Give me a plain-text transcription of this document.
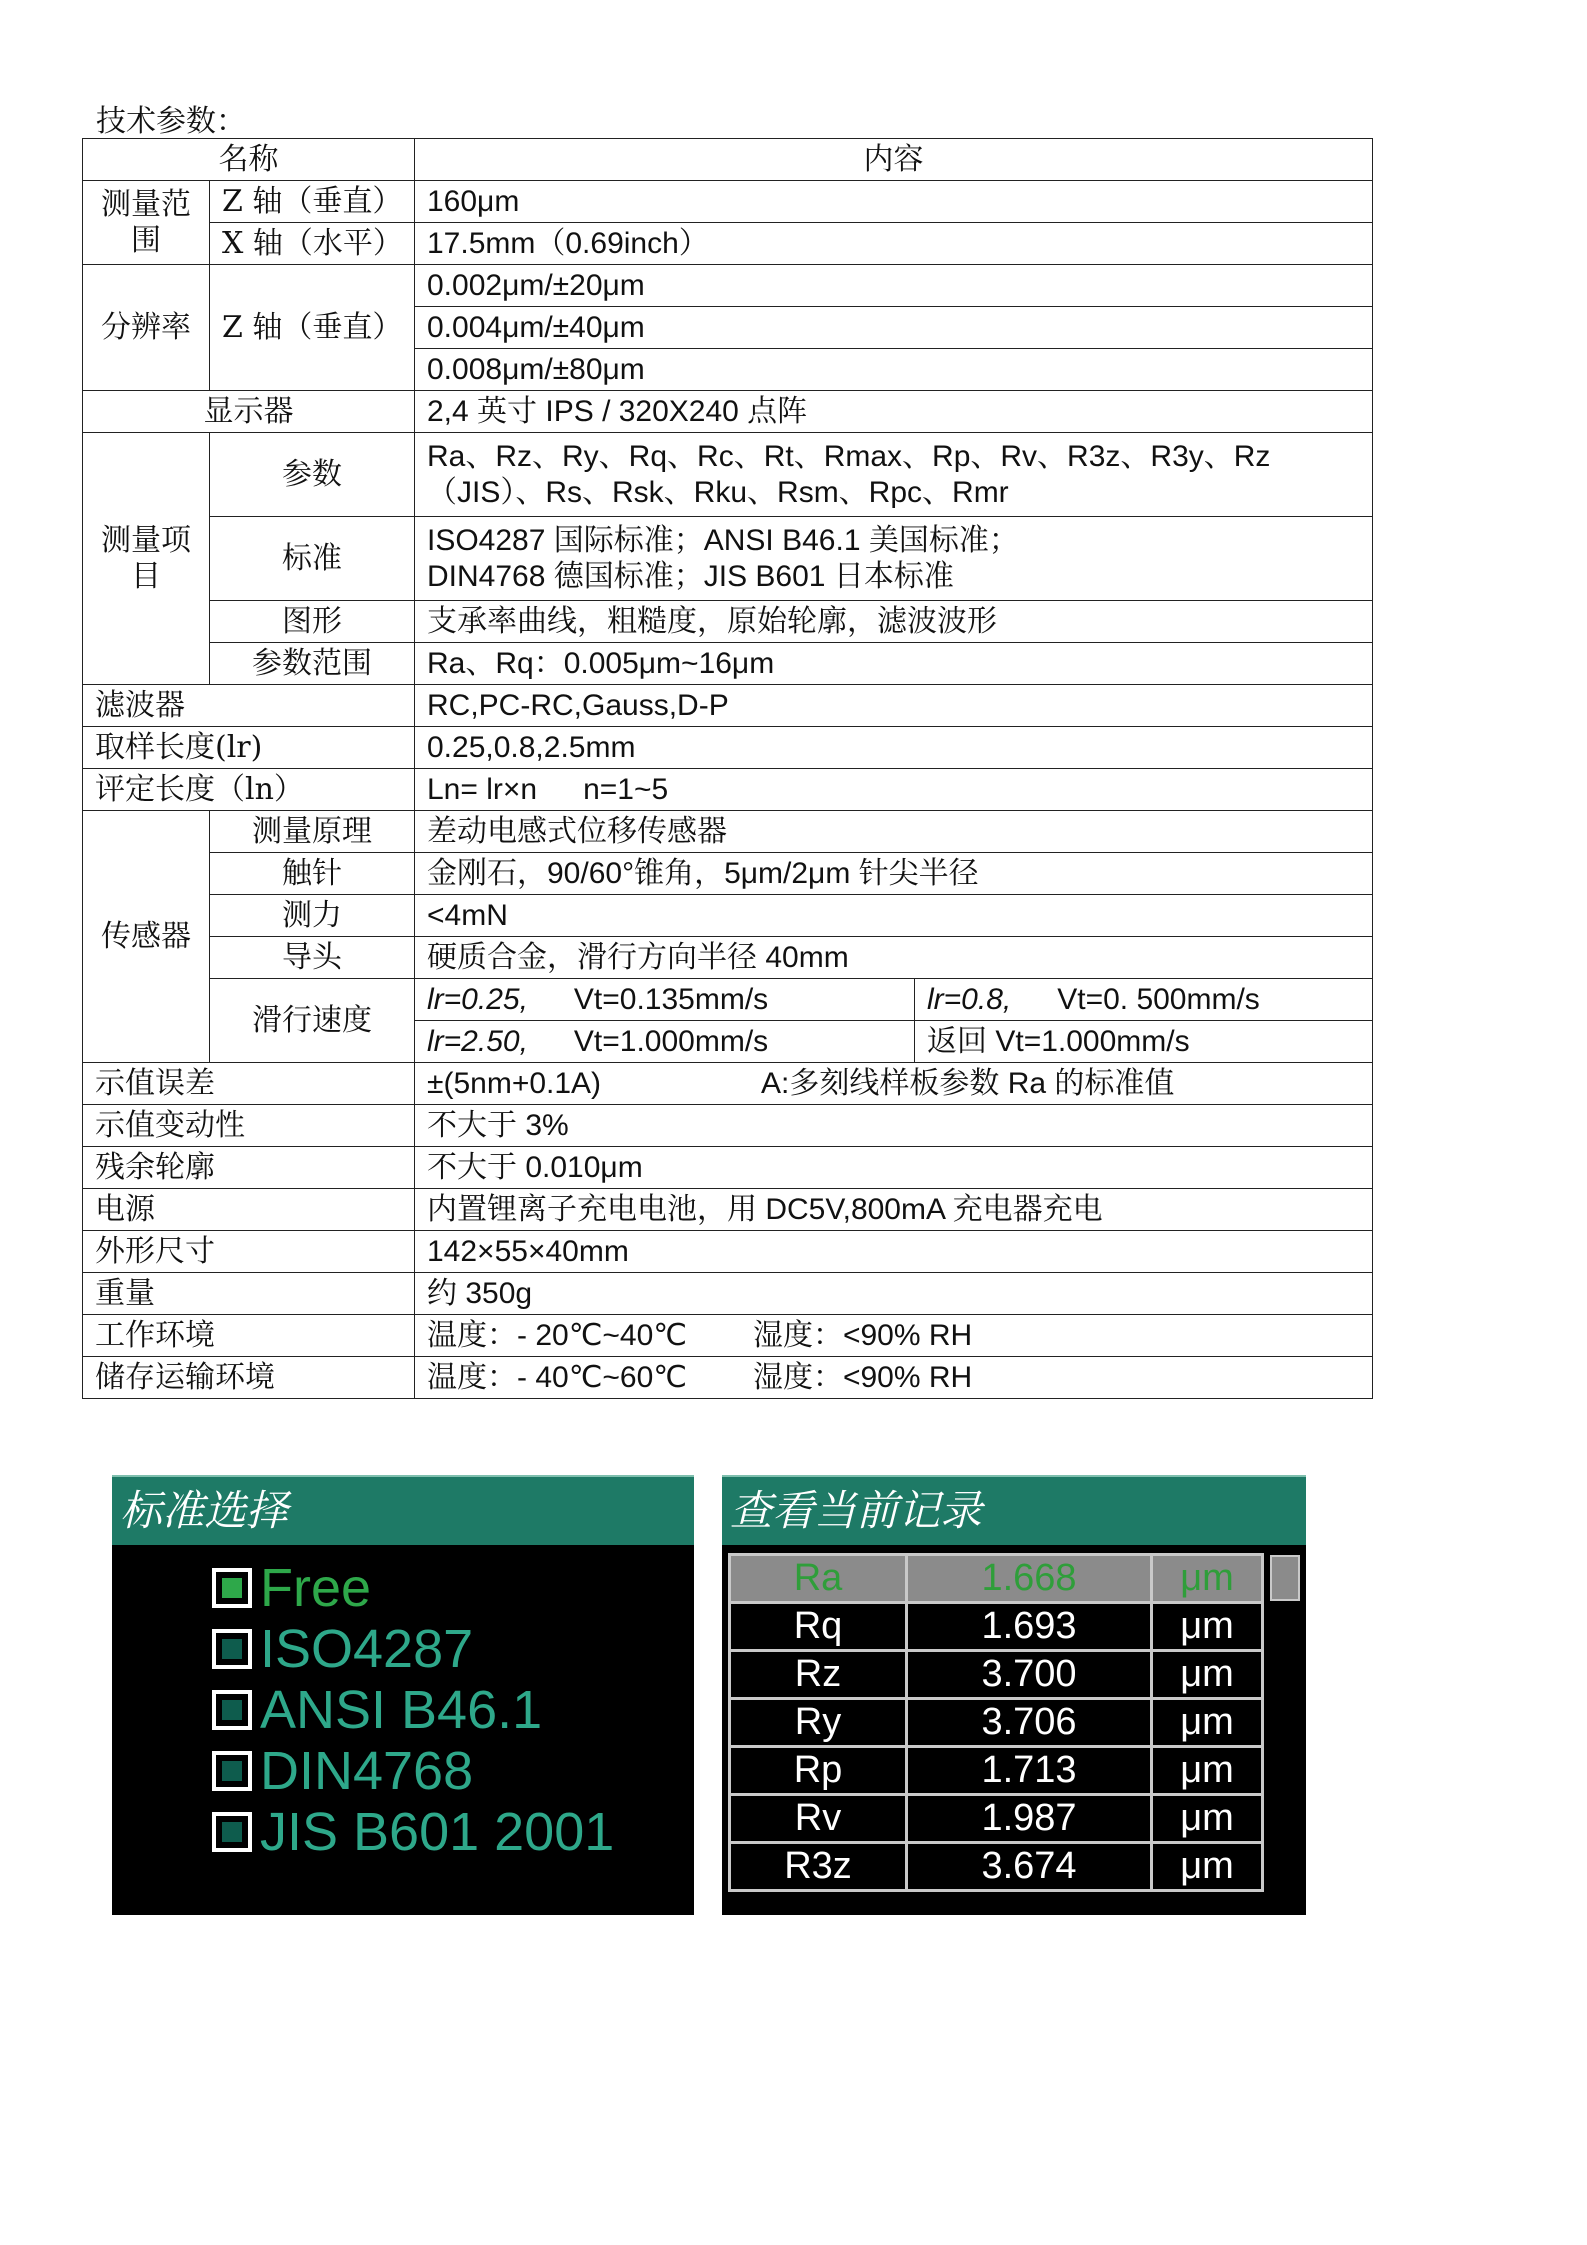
技术参数：
名称		内容	
测量范围	Z 轴（垂直）	160μm	
	X 轴（水平）	17.5mm（0.69inch）	
分辨率	Z 轴（垂直）	0.002μm/±20μm	
		0.004μm/±40μm	
		0.008μm/±80μm	
显示器		2,4 英寸 IPS / 320X240 点阵	
测量项目	参数	Ra、Rz、Ry、Rq、Rc、Rt、Rmax、Rp、Rv、R3z、R3y、Rz（JIS）、Rs、Rsk、Rku、Rsm、Rpc、Rmr	
	标准	ISO4287 国际标准；ANSI B46.1 美国标准；
DIN4768 德国标准；JIS B601 日本标准	

	图形	支承率曲线，粗糙度，原始轮廓，滤波波形	
	参数范围	Ra、Rq：0.005μm~16μm	
滤波器		RC,PC-RC,Gauss,D-P	
取样长度(lr)		0.25,0.8,2.5mm	
评定长度（ln）		Ln= lr×n n=1~5	
传感器	测量原理	差动电感式位移传感器	
	触针	金刚石，90/60°锥角，5μm/2μm 针尖半径	
	测力	<4mN	
	导头	硬质合金，滑行方向半径 40mm	
	滑行速度	lr=0.25, Vt=0.135mm/s	lr=0.8, Vt=0. 500mm/s
		lr=2.50, Vt=1.000mm/s	返回 Vt=1.000mm/s
示值误差		±(5nm+0.1A) A:多刻线样板参数 Ra 的标准值	
示值变动性		不大于 3%	
残余轮廓		不大于 0.010μm	
电源		内置锂离子充电电池，用 DC5V,800mA 充电器充电	
外形尺寸		142×55×40mm	
重量		约 350g	
工作环境		温度：- 20℃~40℃ 湿度：<90% RH	
储存运输环境		温度：- 40℃~60℃ 湿度：<90% RH	
标准选择
Free
ISO4287
ANSI B46.1
DIN4768
JIS B601 2001
查看当前记录
Ra	1.668	μm
Rq	1.693	μm
Rz	3.700	μm
Ry	3.706	μm
Rp	1.713	μm
Rv	1.987	μm
R3z	3.674	μm
